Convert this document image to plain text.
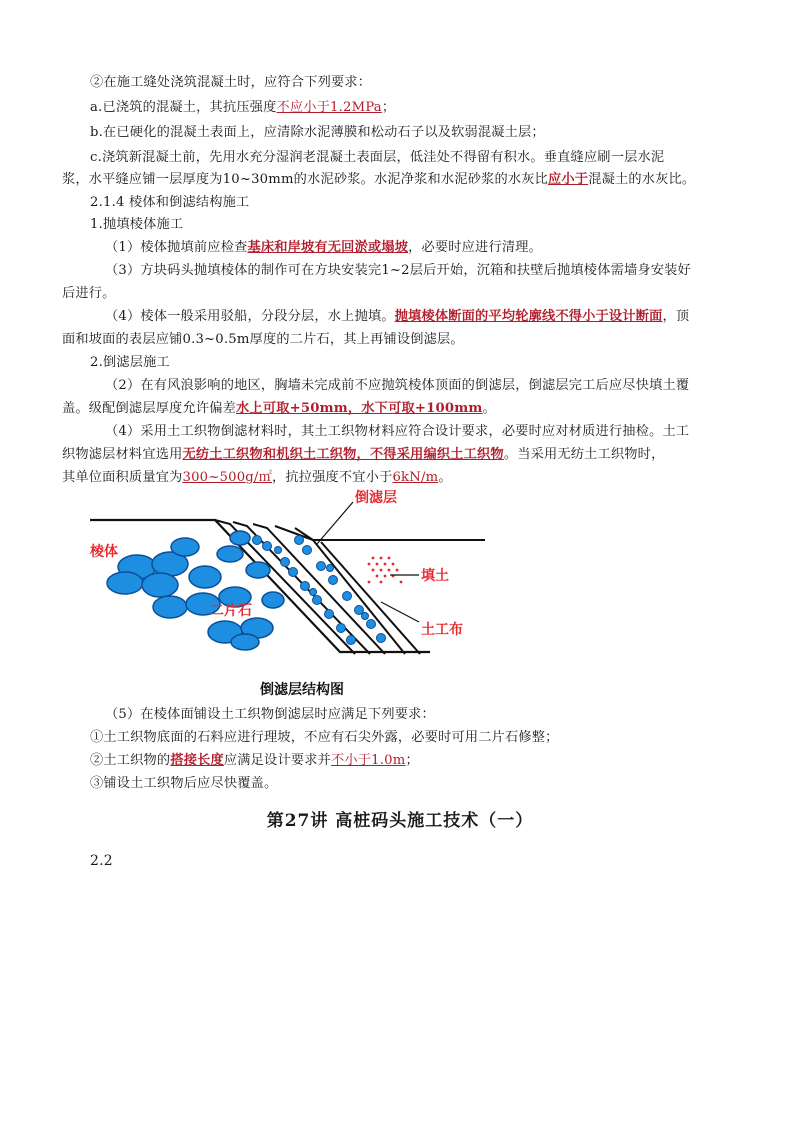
②在施工缝处浇筑混凝土时，应符合下列要求：
a.已浇筑的混凝土，其抗压强度不应小于1.2MPa；
b.在已硬化的混凝土表面上，应清除水泥薄膜和松动石子以及软弱混凝土层；
c.浇筑新混凝土前，先用水充分湿润老混凝土表面层，低洼处不得留有积水。垂直缝应刷一层水泥
浆，水平缝应铺一层厚度为10~30mm的水泥砂浆。水泥净浆和水泥砂浆的水灰比应小于混凝土的水灰比。
2.1.4 棱体和倒滤结构施工
1.抛填棱体施工
（1）棱体抛填前应检查基床和岸坡有无回淤或塌坡，必要时应进行清理。
（3）方块码头抛填棱体的制作可在方块安装完1~2层后开始，沉箱和扶壁后抛填棱体需墙身安装好
后进行。
（4）棱体一般采用驳船，分段分层，水上抛填。抛填棱体断面的平均轮廓线不得小于设计断面，顶
面和坡面的表层应铺0.3~0.5m厚度的二片石，其上再铺设倒滤层。
2.倒滤层施工
（2）在有风浪影响的地区，胸墙未完成前不应抛筑棱体顶面的倒滤层，倒滤层完工后应尽快填土覆
盖。级配倒滤层厚度允许偏差水上可取+50mm，水下可取+100mm。
（4）采用土工织物倒滤材料时，其土工织物材料应符合设计要求，必要时应对材质进行抽检。土工
织物滤层材料宜选用无纺土工织物和机织土工织物，不得采用编织土工织物。当采用无纺土工织物时，
其单位面积质量宜为300~500g/㎡，抗拉强度不宜小于6kN/m。
倒滤层
棱体
填土
二片石
土工布
倒滤层结构图
（5）在棱体面铺设土工织物倒滤层时应满足下列要求：
①土工织物底面的石料应进行理坡，不应有石尖外露，必要时可用二片石修整；
②土工织物的搭接长度应满足设计要求并不小于1.0m；
③铺设土工织物后应尽快覆盖。
第27讲 高桩码头施工技术（一）
2.2
